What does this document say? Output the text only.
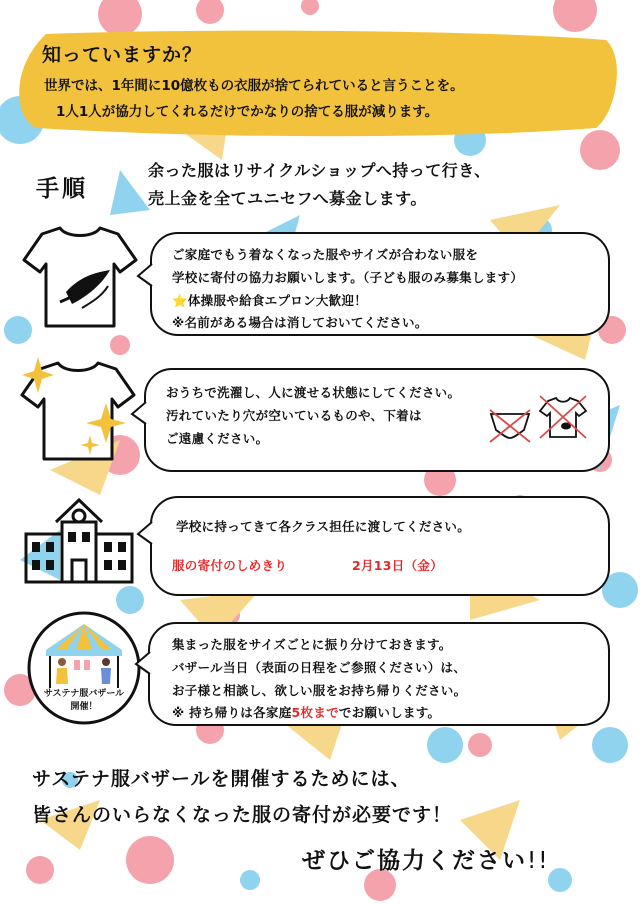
知っていますか？
世界では、1年間に10億枚もの衣服が捨てられていると言うことを。
1人1人が協力してくれるだけでかなりの捨てる服が減ります。
手順
余った服はリサイクルショップへ持って行き、
売上金を全てユニセフへ募金します。
ご家庭でもう着なくなった服やサイズが合わない服を
学校に寄付の協力お願いします。（子ども服のみ募集します）
⭐体操服や給食エプロン大歓迎！
※名前がある場合は消しておいてください。
おうちで洗濯し、人に渡せる状態にしてください。
汚れていたり穴が空いているものや、下着は
ご遠慮ください。
学校に持ってきて各クラス担任に渡してください。
服の寄付のしめきり	2月13日（金）
サステナ服バザール
開催！
集まった服をサイズごとに振り分けておきます。
バザール当日（表面の日程をご参照ください）は、
お子様と相談し、欲しい服をお持ち帰りください。
※ 持ち帰りは各家庭5枚まででお願いします。
サステナ服バザールを開催するためには、
皆さんのいらなくなった服の寄付が必要です！
ぜひご協力ください!!
